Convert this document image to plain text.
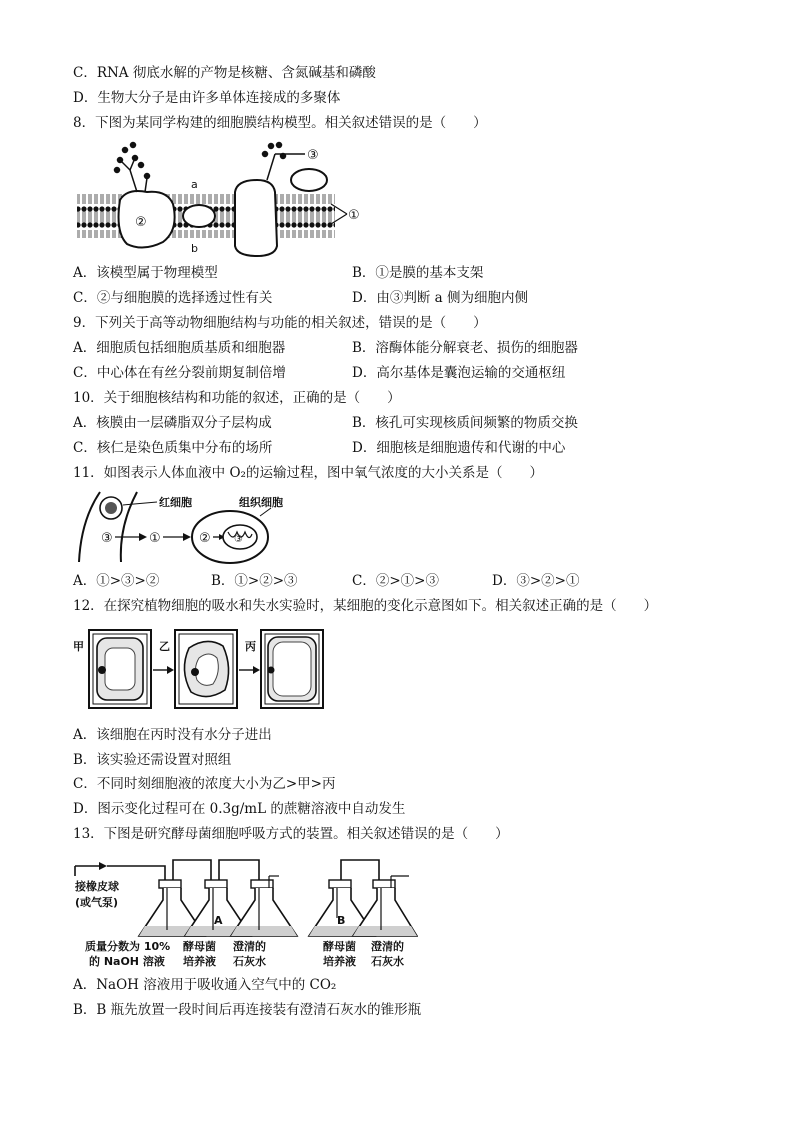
C．RNA 彻底水解的产物是核糖、含氮碱基和磷酸
D．生物大分子是由许多单体连接成的多聚体
8．下图为某同学构建的细胞膜结构模型。相关叙述错误的是（　　）
②
a
b
③
①
A．该模型属于物理模型	B．①是膜的基本支架
C．②与细胞膜的选择透过性有关	D．由③判断 a 侧为细胞内侧
9．下列关于高等动物细胞结构与功能的相关叙述，错误的是（　　）
A．细胞质包括细胞质基质和细胞器	B．溶酶体能分解衰老、损伤的细胞器
C．中心体在有丝分裂前期复制倍增	D．高尔基体是囊泡运输的交通枢纽
10．关于细胞核结构和功能的叙述，正确的是（　　）
A．核膜由一层磷脂双分子层构成	B．核孔可实现核质间频繁的物质交换
C．核仁是染色质集中分布的场所	D．细胞核是细胞遗传和代谢的中心
11．如图表示人体血液中 O₂的运输过程，图中氧气浓度的大小关系是（　　）
红细胞
③	①	② ③
组织细胞
A．①>③>②	B．①>②>③	C．②>①>③	D．③>②>①
12．在探究植物细胞的吸水和失水实验时，某细胞的变化示意图如下。相关叙述正确的是（　　）
甲	乙	丙
A．该细胞在丙时没有水分子进出
B．该实验还需设置对照组
C．不同时刻细胞液的浓度大小为乙>甲>丙
D．图示变化过程可在 0.3g/mL 的蔗糖溶液中自动发生
13．下图是研究酵母菌细胞呼吸方式的装置。相关叙述错误的是（　　）
接橡皮球
(或气泵)
A	B
质量分数为 10%
的 NaOH 溶液
酵母菌
培养液
澄清的
石灰水
酵母菌
培养液
澄清的
石灰水
A．NaOH 溶液用于吸收通入空气中的 CO₂
B．B 瓶先放置一段时间后再连接装有澄清石灰水的锥形瓶
